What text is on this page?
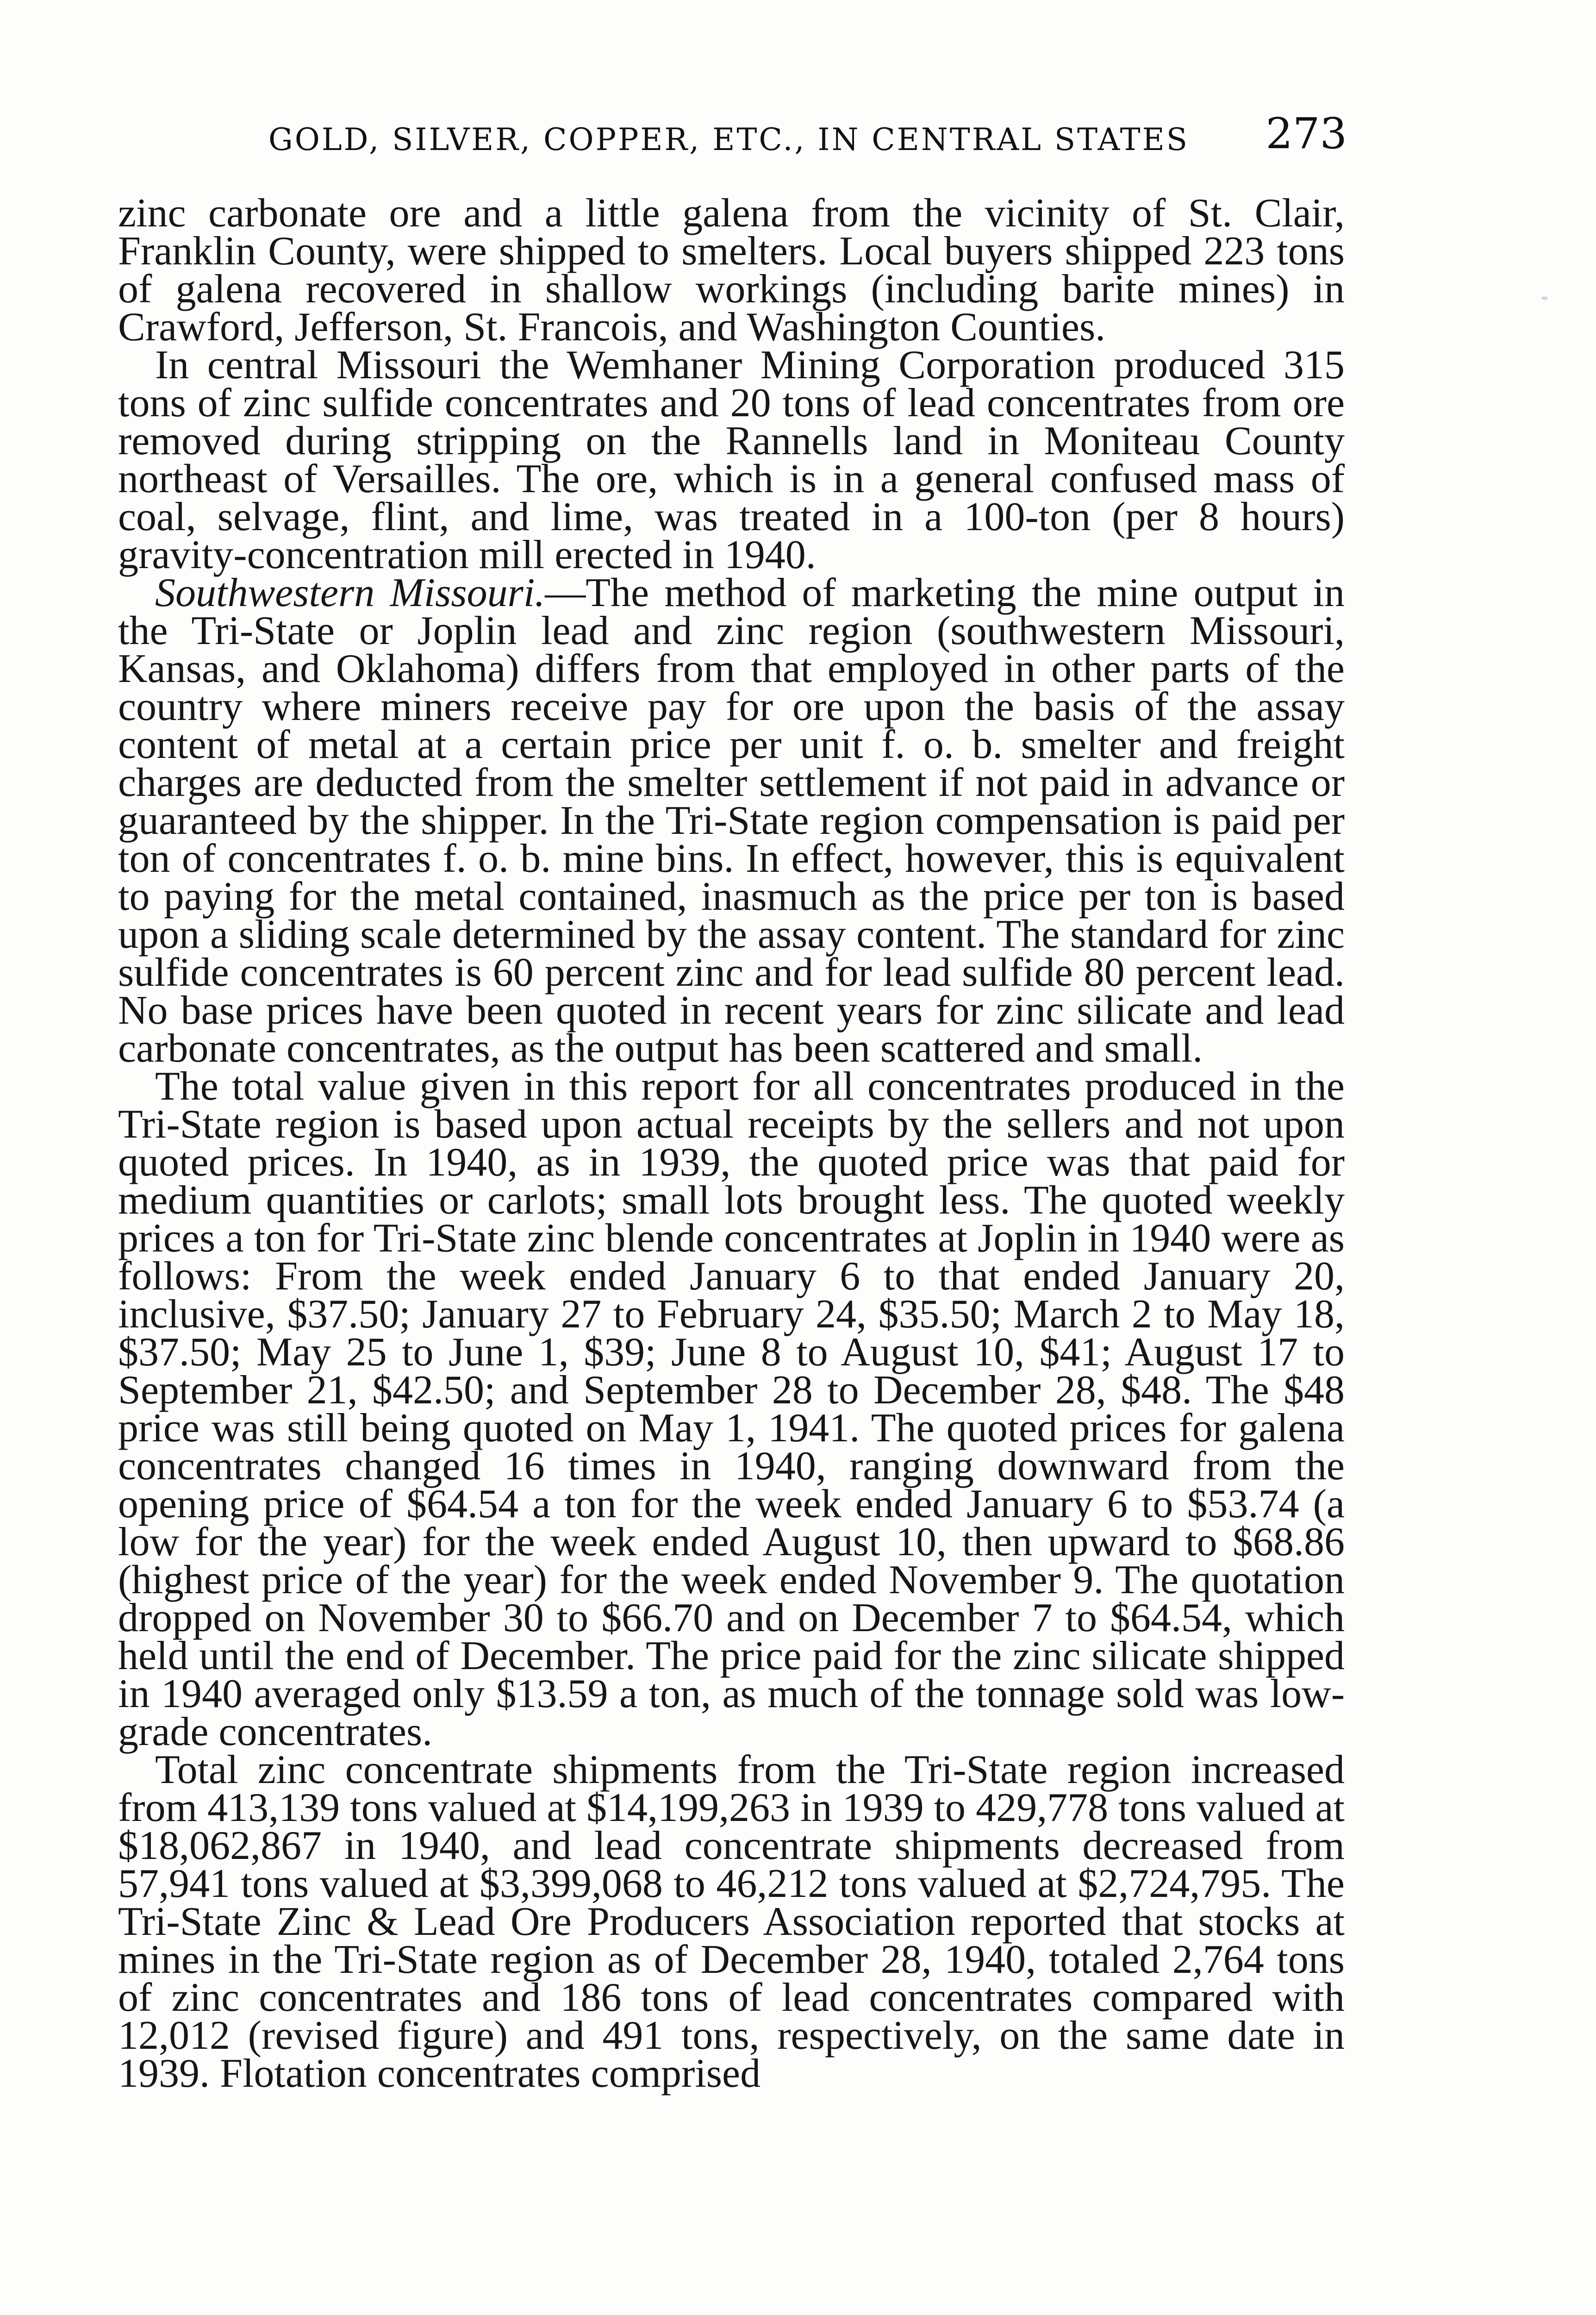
GOLD, SILVER, COPPER, ETC., IN CENTRAL STATES 273

zinc carbonate ore and a little galena from the vicinity of St. Clair, Franklin County, were shipped to smelters. Local buyers shipped 223 tons of galena recovered in shallow workings (including barite mines) in Crawford, Jefferson, St. Francois, and Washington Counties.

In central Missouri the Wemhaner Mining Corporation produced 315 tons of zinc sulfide concentrates and 20 tons of lead concentrates from ore removed during stripping on the Rannells land in Moniteau County northeast of Versailles. The ore, which is in a general confused mass of coal, selvage, flint, and lime, was treated in a 100-ton (per 8 hours) gravity-concentration mill erected in 1940.

Southwestern Missouri.—The method of marketing the mine output in the Tri-State or Joplin lead and zinc region (southwestern Missouri, Kansas, and Oklahoma) differs from that employed in other parts of the country where miners receive pay for ore upon the basis of the assay content of metal at a certain price per unit f. o. b. smelter and freight charges are deducted from the smelter settlement if not paid in advance or guaranteed by the shipper. In the Tri-State region compensation is paid per ton of concentrates f. o. b. mine bins. In effect, however, this is equivalent to paying for the metal contained, inasmuch as the price per ton is based upon a sliding scale determined by the assay content. The standard for zinc sulfide concentrates is 60 percent zinc and for lead sulfide 80 percent lead. No base prices have been quoted in recent years for zinc silicate and lead carbonate concentrates, as the output has been scattered and small.

The total value given in this report for all concentrates produced in the Tri-State region is based upon actual receipts by the sellers and not upon quoted prices. In 1940, as in 1939, the quoted price was that paid for medium quantities or carlots; small lots brought less. The quoted weekly prices a ton for Tri-State zinc blende concentrates at Joplin in 1940 were as follows: From the week ended January 6 to that ended January 20, inclusive, $37.50; January 27 to February 24, $35.50; March 2 to May 18, $37.50; May 25 to June 1, $39; June 8 to August 10, $41; August 17 to September 21, $42.50; and September 28 to December 28, $48. The $48 price was still being quoted on May 1, 1941. The quoted prices for galena concentrates changed 16 times in 1940, ranging downward from the opening price of $64.54 a ton for the week ended January 6 to $53.74 (a low for the year) for the week ended August 10, then upward to $68.86 (highest price of the year) for the week ended November 9. The quotation dropped on November 30 to $66.70 and on December 7 to $64.54, which held until the end of December. The price paid for the zinc silicate shipped in 1940 averaged only $13.59 a ton, as much of the tonnage sold was low-grade concentrates.

Total zinc concentrate shipments from the Tri-State region increased from 413,139 tons valued at $14,199,263 in 1939 to 429,778 tons valued at $18,062,867 in 1940, and lead concentrate shipments decreased from 57,941 tons valued at $3,399,068 to 46,212 tons valued at $2,724,795. The Tri-State Zinc & Lead Ore Producers Association reported that stocks at mines in the Tri-State region as of December 28, 1940, totaled 2,764 tons of zinc concentrates and 186 tons of lead concentrates compared with 12,012 (revised figure) and 491 tons, respectively, on the same date in 1939. Flotation concentrates comprised
